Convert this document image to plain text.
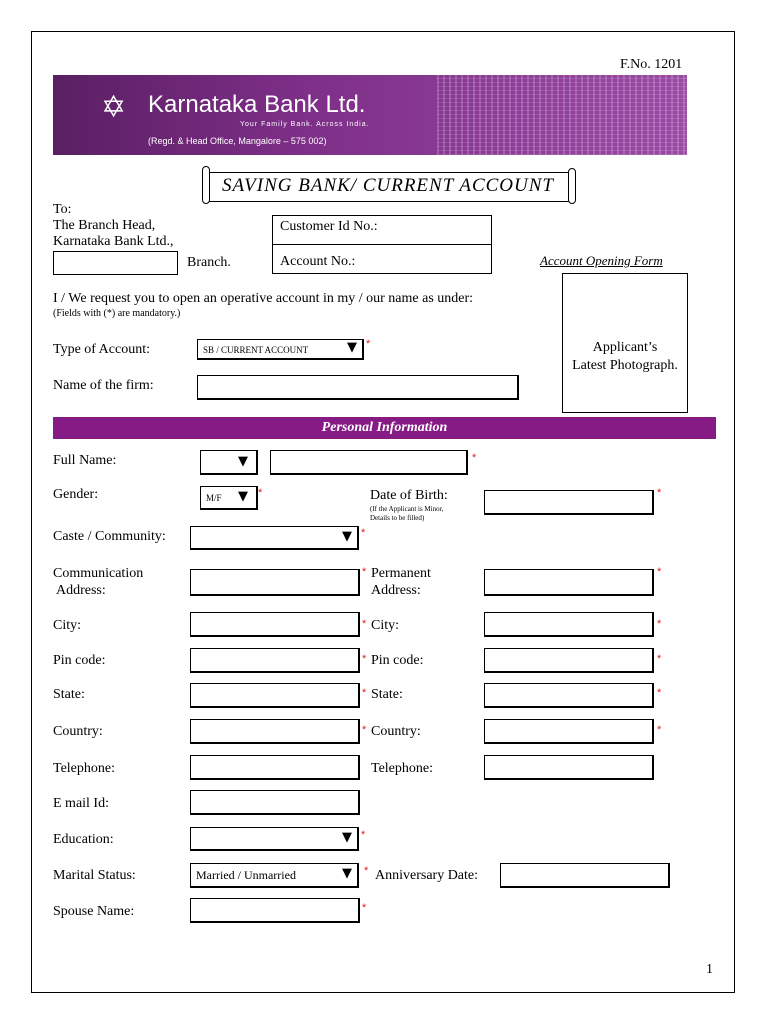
F.No. 1201
✡ Karnataka Bank Ltd.
Your Family Bank. Across India.
(Regd. & Head Office, Mangalore – 575 002)
SAVING BANK/ CURRENT ACCOUNT
To:
The Branch Head,
Karnataka Bank Ltd.,
Branch.
Customer Id No.:
Account No.:	Account Opening Form
Applicant’s
Latest Photograph.
I / We request you to open an operative account in my / our name as under:
(Fields with (*) are mandatory.)
Type of Account:	SB / CURRENT ACCOUNT	▼ *
Name of the firm:
Personal Information
Full Name:	▼	*
Gender:	M/F ▼ *	Date of Birth:
(If the Applicant is Minor,
Details to be filled)
*
Caste / Community:	▼ *
Communication
Address:
* Permanent
Address:
*
City:	* City:	*
Pin code:	* Pin code:	*
State:	* State:	*
Country:	* Country:	*
Telephone:	Telephone:
E mail Id:
Education:	▼ *
Marital Status:	Married / Unmarried	▼ * Anniversary Date:
Spouse Name:	*
1
